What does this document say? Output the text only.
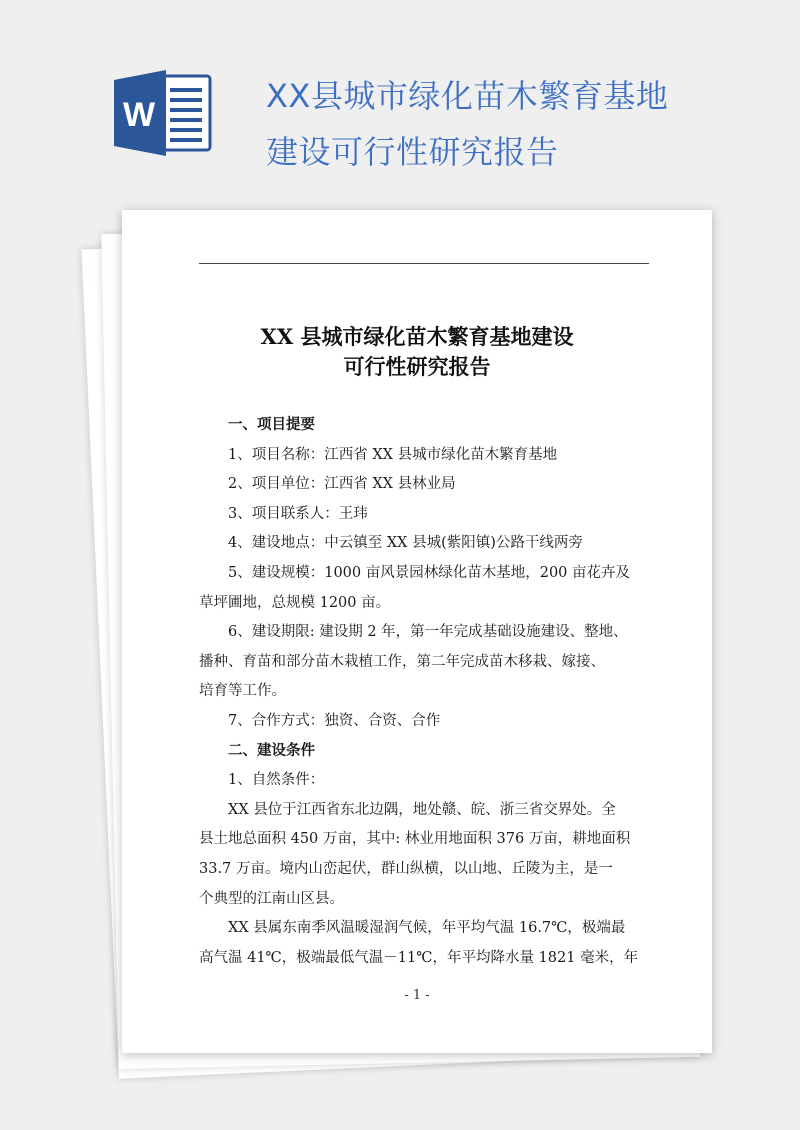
W	XX县城市绿化苗木繁育基地
建设可行性研究报告
XX 县城市绿化苗木繁育基地建设
可行性研究报告

一、项目提要

1、项目名称：江西省 XX 县城市绿化苗木繁育基地

2、项目单位：江西省 XX 县林业局

3、项目联系人：王玮

4、建设地点：中云镇至 XX 县城(紫阳镇)公路干线两旁

5、建设规模：1000 亩风景园林绿化苗木基地，200 亩花卉及

草坪圃地，总规模 1200 亩。

6、建设期限: 建设期 2 年，第一年完成基础设施建设、整地、

播种、育苗和部分苗木栽植工作，第二年完成苗木移栽、嫁接、

培育等工作。

7、合作方式：独资、合资、合作

二、建设条件

1、自然条件：

XX 县位于江西省东北边隅，地处赣、皖、浙三省交界处。全

县土地总面积 450 万亩，其中: 林业用地面积 376 万亩，耕地面积

33.7 万亩。境内山峦起伏，群山纵横，以山地、丘陵为主，是一

个典型的江南山区县。

XX 县属东南季风温暖湿润气候，年平均气温 16.7℃，极端最

高气温 41℃，极端最低气温－11℃，年平均降水量 1821 毫米，年

- 1 -
